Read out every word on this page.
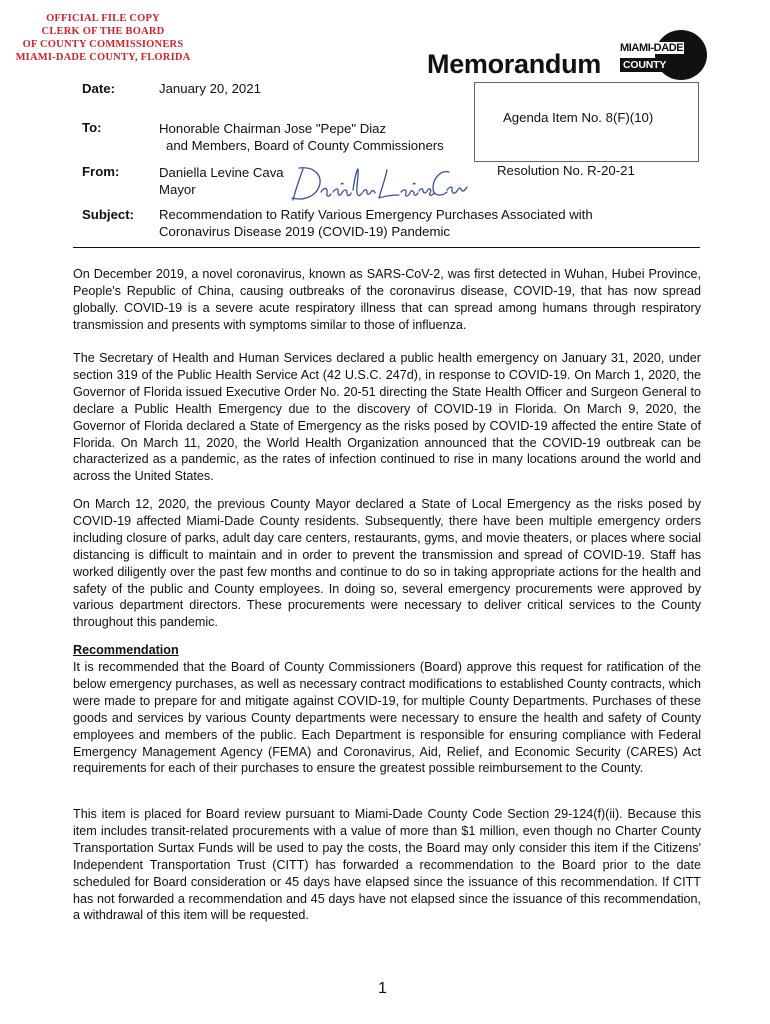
OFFICIAL FILE COPY
CLERK OF THE BOARD
OF COUNTY COMMISSIONERS
MIAMI-DADE COUNTY, FLORIDA	Memorandum
MIAMI-DADE
COUNTY
Date:	January 20, 2021
To:	Honorable Chairman Jose "Pepe" Diaz
and Members, Board of County Commissioners
From:	Daniella Levine Cava
Mayor
Subject: Recommendation to Ratify Various Emergency Purchases Associated with
Coronavirus Disease 2019 (COVID-19) Pandemic
Agenda Item No. 8(F)(10)
Resolution No. R-20-21

On December 2019, a novel coronavirus, known as SARS-CoV-2, was first detected in Wuhan, Hubei Province, People's Republic of China, causing outbreaks of the coronavirus disease, COVID-19, that has now spread globally. COVID-19 is a severe acute respiratory illness that can spread among humans through respiratory transmission and presents with symptoms similar to those of influenza.

The Secretary of Health and Human Services declared a public health emergency on January 31, 2020, under section 319 of the Public Health Service Act (42 U.S.C. 247d), in response to COVID-19. On March 1, 2020, the Governor of Florida issued Executive Order No. 20-51 directing the State Health Officer and Surgeon General to declare a Public Health Emergency due to the discovery of COVID-19 in Florida. On March 9, 2020, the Governor of Florida declared a State of Emergency as the risks posed by COVID-19 affected the entire State of Florida. On March 11, 2020, the World Health Organization announced that the COVID-19 outbreak can be characterized as a pandemic, as the rates of infection continued to rise in many locations around the world and across the United States.

On March 12, 2020, the previous County Mayor declared a State of Local Emergency as the risks posed by COVID-19 affected Miami-Dade County residents. Subsequently, there have been multiple emergency orders including closure of parks, adult day care centers, restaurants, gyms, and movie theaters, or places where social distancing is difficult to maintain and in order to prevent the transmission and spread of COVID-19. Staff has worked diligently over the past few months and continue to do so in taking appropriate actions for the health and safety of the public and County employees. In doing so, several emergency procurements were approved by various department directors. These procurements were necessary to deliver critical services to the County throughout this pandemic.

Recommendation

It is recommended that the Board of County Commissioners (Board) approve this request for ratification of the below emergency purchases, as well as necessary contract modifications to established County contracts, which were made to prepare for and mitigate against COVID-19, for multiple County Departments. Purchases of these goods and services by various County departments were necessary to ensure the health and safety of County employees and members of the public. Each Department is responsible for ensuring compliance with Federal Emergency Management Agency (FEMA) and Coronavirus, Aid, Relief, and Economic Security (CARES) Act requirements for each of their purchases to ensure the greatest possible reimbursement to the County.

This item is placed for Board review pursuant to Miami-Dade County Code Section 29-124(f)(ii). Because this item includes transit-related procurements with a value of more than $1 million, even though no Charter County Transportation Surtax Funds will be used to pay the costs, the Board may only consider this item if the Citizens' Independent Transportation Trust (CITT) has forwarded a recommendation to the Board prior to the date scheduled for Board consideration or 45 days have elapsed since the issuance of this recommendation. If CITT has not forwarded a recommendation and 45 days have not elapsed since the issuance of this recommendation, a withdrawal of this item will be requested.

1
